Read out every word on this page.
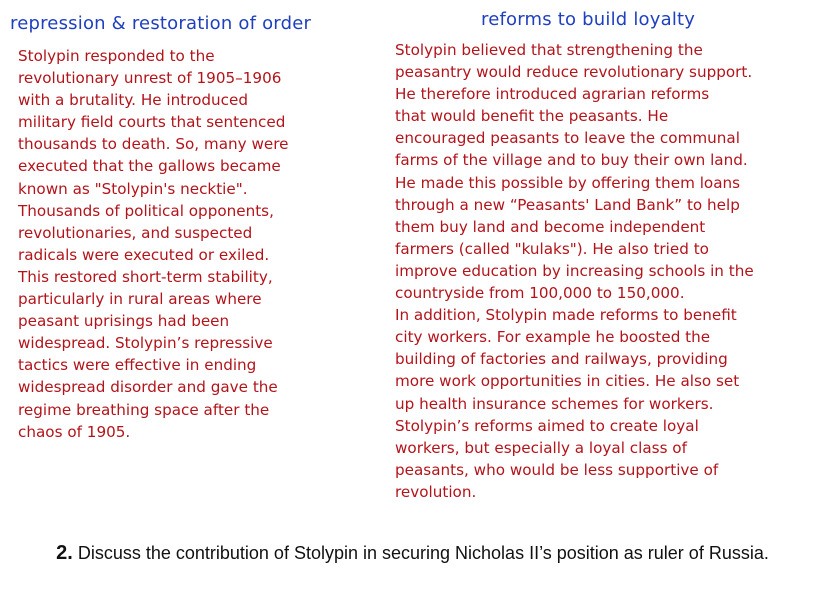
repression & restoration of order	reforms to build loyalty
Stolypin responded to the
revolutionary unrest of 1905–1906
with a brutality. He introduced
military field courts that sentenced
thousands to death. So, many were
executed that the gallows became
known as "Stolypin's necktie".
Thousands of political opponents,
revolutionaries, and suspected
radicals were executed or exiled.
This restored short-term stability,
particularly in rural areas where
peasant uprisings had been
widespread. Stolypin’s repressive
tactics were effective in ending
widespread disorder and gave the
regime breathing space after the
chaos of 1905.
Stolypin believed that strengthening the
peasantry would reduce revolutionary support.
He therefore introduced agrarian reforms
that would benefit the peasants. He
encouraged peasants to leave the communal
farms of the village and to buy their own land.
He made this possible by offering them loans
through a new “Peasants' Land Bank” to help
them buy land and become independent
farmers (called "kulaks"). He also tried to
improve education by increasing schools in the
countryside from 100,000 to 150,000.
In addition, Stolypin made reforms to benefit
city workers. For example he boosted the
building of factories and railways, providing
more work opportunities in cities. He also set
up health insurance schemes for workers.
Stolypin’s reforms aimed to create loyal
workers, but especially a loyal class of
peasants, who would be less supportive of
revolution.
2. Discuss the contribution of Stolypin in securing Nicholas II’s position as ruler of Russia.
